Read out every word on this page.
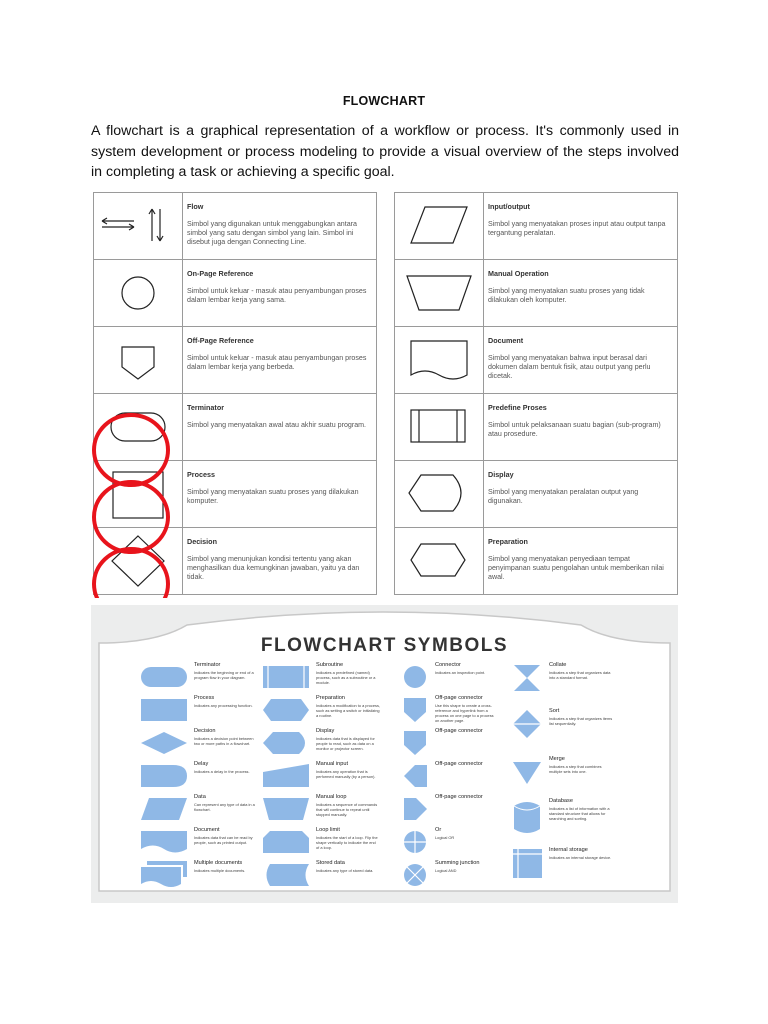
FLOWCHART
A flowchart is a graphical representation of a workflow or process. It's commonly used in system development or process modeling to provide a visual overview of the steps involved in completing a task or achieving a specific goal.
Flow
Simbol yang digunakan untuk menggabungkan antara simbol yang satu dengan simbol yang lain. Simbol ini disebut juga dengan Connecting Line.
On-Page Reference
Simbol untuk keluar - masuk atau penyambungan proses dalam lembar kerja yang sama.
Off-Page Reference
Simbol untuk keluar - masuk atau penyambungan proses dalam lembar kerja yang berbeda.
Terminator
Simbol yang menyatakan awal atau akhir suatu program.
Process
Simbol yang menyatakan suatu proses yang dilakukan komputer.
Decision
Simbol yang menunjukan kondisi tertentu yang akan menghasilkan dua kemungkinan jawaban, yaitu ya dan tidak.
Input/output
Simbol yang menyatakan proses input atau output tanpa tergantung peralatan.
Manual Operation
Simbol yang menyatakan suatu proses yang tidak dilakukan oleh komputer.
Document
Simbol yang menyatakan bahwa input berasal dari dokumen dalam bentuk fisik, atau output yang perlu dicetak.
Predefine Proses
Simbol untuk pelaksanaan suatu bagian (sub-program) atau prosedure.
Display
Simbol yang menyatakan peralatan output yang digunakan.
Preparation
Simbol yang menyatakan penyediaan tempat penyimpanan suatu pengolahan untuk memberikan nilai awal.
FLOWCHART SYMBOLS
Terminator
Indicates the beginning or end of a program flow in your diagram.
Process
Indicates any processing function.
Decision
Indicates a decision point between two or more paths in a flowchart.
Delay
Indicates a delay in the process.
Data
Can represent any type of data in a flowchart.
Document
Indicates data that can be read by people, such as printed output.
Multiple documents
Indicates multiple documents.
Subroutine
Indicates a predefined (named) process, such as a subroutine or a module.
Preparation
Indicates a modification to a process, such as setting a switch or initializing a routine.
Display
Indicates data that is displayed for people to read, such as data on a monitor or projector screen.
Manual input
Indicates any operation that is performed manually (by a person).
Manual loop
Indicates a sequence of commands that will continue to repeat until stopped manually.
Loop limit
Indicates the start of a loop. Flip the shape vertically to indicate the end of a loop.
Stored data
Indicates any type of stored data.
Connector
Indicates an inspection point.
Off-page connector
Use this shape to create a cross-reference and hyperlink from a process on one page to a process on another page.
Off-page connector
Off-page connector
Off-page connector
Or
Logical OR
Summing junction
Logical AND
Collate
Indicates a step that organizes data into a standard format.
Sort
Indicates a step that organizes items list sequentially.
Merge
Indicates a step that combines multiple sets into one.
Database
Indicates a list of information with a standard structure that allows for searching and sorting.
Internal storage
Indicates an internal storage device.
